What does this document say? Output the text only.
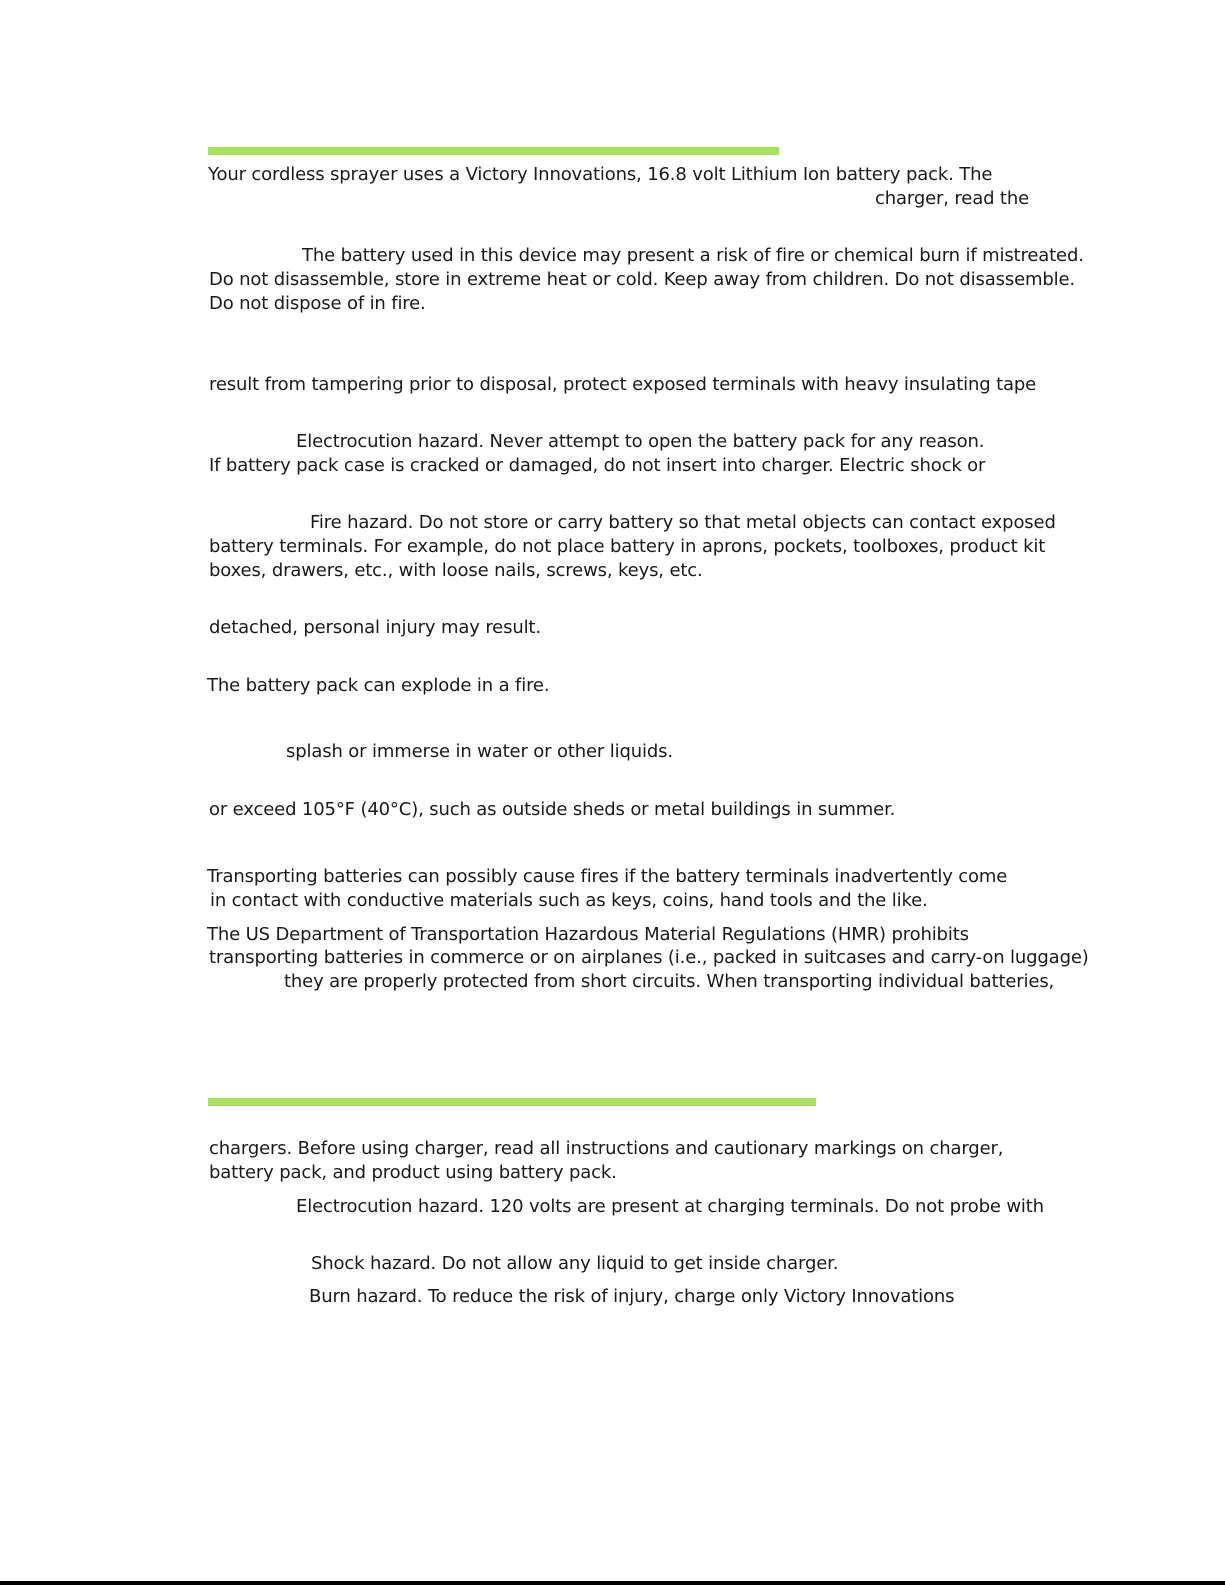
Your cordless sprayer uses a Victory Innovations, 16.8 volt Lithium Ion battery pack. The
charger, read the
The battery used in this device may present a risk of fire or chemical burn if mistreated.
Do not disassemble, store in extreme heat or cold. Keep away from children. Do not disassemble.
Do not dispose of in fire.
result from tampering prior to disposal, protect exposed terminals with heavy insulating tape
Electrocution hazard. Never attempt to open the battery pack for any reason.
If battery pack case is cracked or damaged, do not insert into charger. Electric shock or
Fire hazard. Do not store or carry battery so that metal objects can contact exposed
battery terminals. For example, do not place battery in aprons, pockets, toolboxes, product kit
boxes, drawers, etc., with loose nails, screws, keys, etc.
detached, personal injury may result.
The battery pack can explode in a fire.
splash or immerse in water or other liquids.
or exceed 105°F (40°C), such as outside sheds or metal buildings in summer.
Transporting batteries can possibly cause fires if the battery terminals inadvertently come
in contact with conductive materials such as keys, coins, hand tools and the like.
The US Department of Transportation Hazardous Material Regulations (HMR) prohibits
transporting batteries in commerce or on airplanes (i.e., packed in suitcases and carry-on luggage)
they are properly protected from short circuits. When transporting individual batteries,
chargers. Before using charger, read all instructions and cautionary markings on charger,
battery pack, and product using battery pack.
Electrocution hazard. 120 volts are present at charging terminals. Do not probe with
Shock hazard. Do not allow any liquid to get inside charger.
Burn hazard. To reduce the risk of injury, charge only Victory Innovations
